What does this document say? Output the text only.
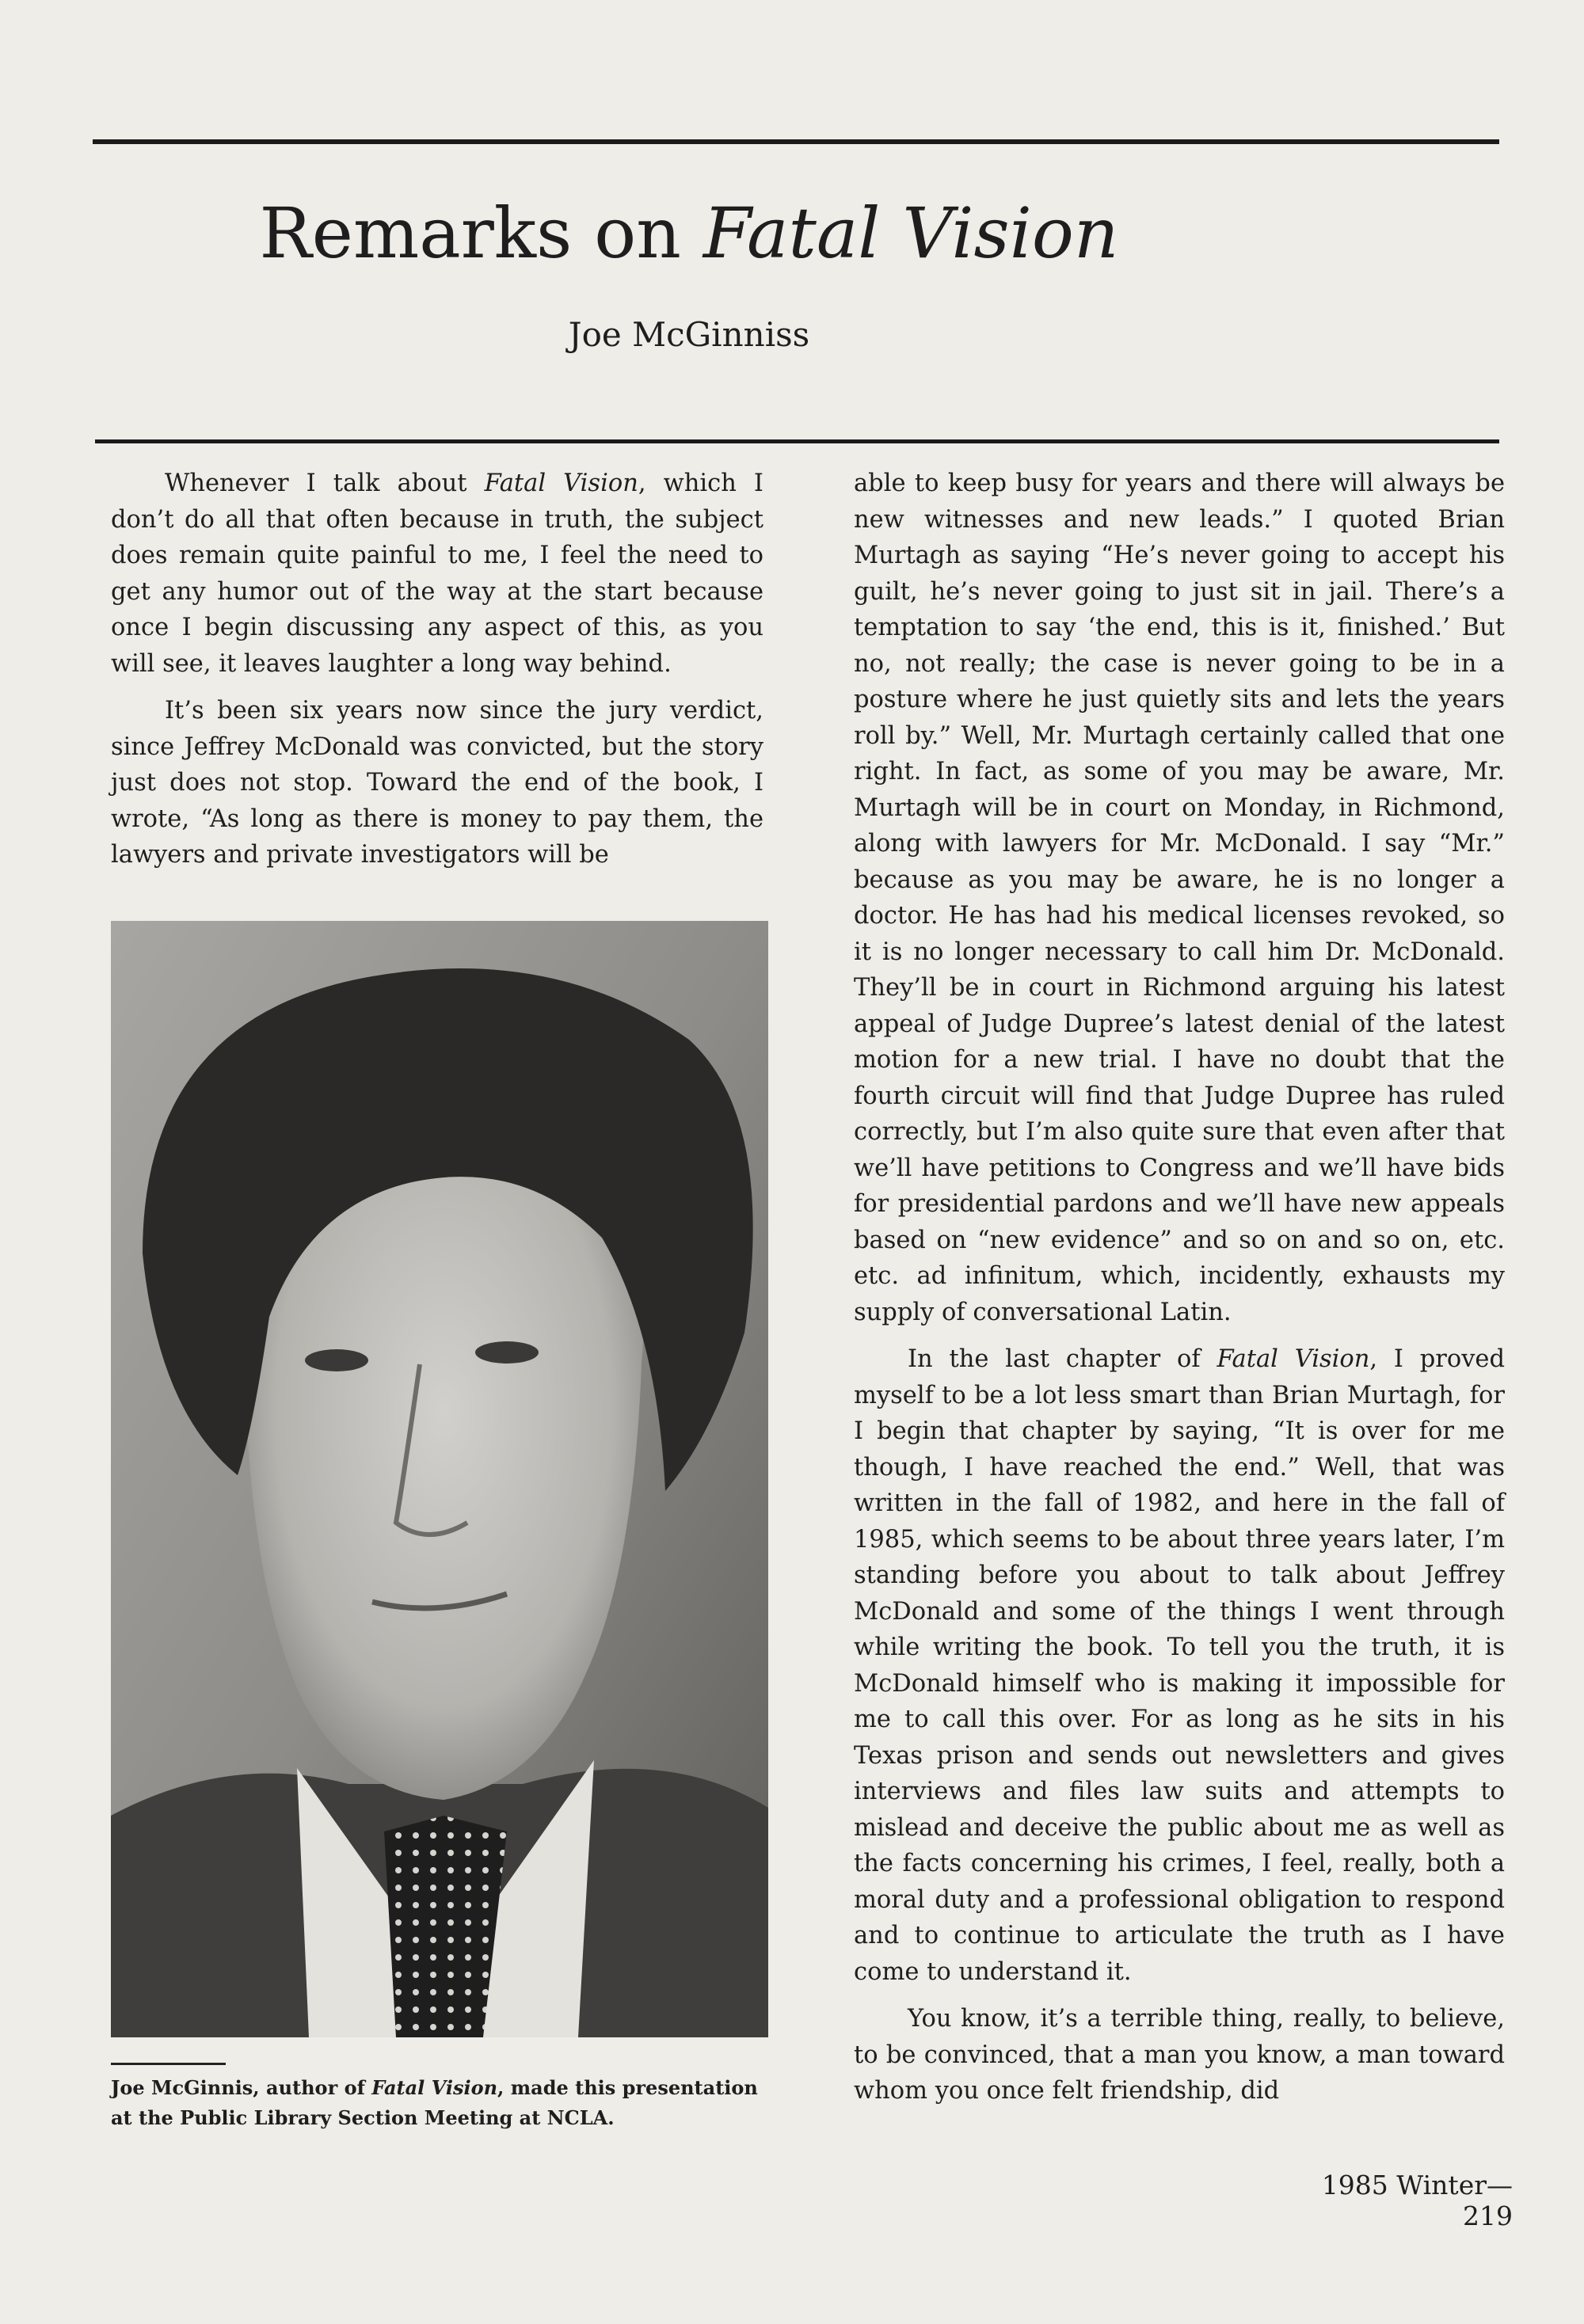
Remarks on Fatal Vision
Joe McGinniss

Whenever I talk about Fatal Vision, which I don’t do all that often because in truth, the subject does remain quite painful to me, I feel the need to get any humor out of the way at the start because once I begin discussing any aspect of this, as you will see, it leaves laughter a long way behind.

It’s been six years now since the jury verdict, since Jeffrey McDonald was convicted, but the story just does not stop. Toward the end of the book, I wrote, “As long as there is money to pay them, the lawyers and private investigators will be

Joe McGinnis, author of Fatal Vision, made this presentation at the Public Library Section Meeting at NCLA.

able to keep busy for years and there will always be new witnesses and new leads.” I quoted Brian Murtagh as saying “He’s never going to accept his guilt, he’s never going to just sit in jail. There’s a temptation to say ‘the end, this is it, finished.’ But no, not really; the case is never going to be in a posture where he just quietly sits and lets the years roll by.” Well, Mr. Murtagh certainly called that one right. In fact, as some of you may be aware, Mr. Murtagh will be in court on Monday, in Richmond, along with lawyers for Mr. McDonald. I say “Mr.” because as you may be aware, he is no longer a doctor. He has had his medical licenses revoked, so it is no longer necessary to call him Dr. McDonald. They’ll be in court in Richmond arguing his latest appeal of Judge Dupree’s latest denial of the latest motion for a new trial. I have no doubt that the fourth circuit will find that Judge Dupree has ruled correctly, but I’m also quite sure that even after that we’ll have petitions to Congress and we’ll have bids for presidential pardons and we’ll have new appeals based on “new evidence” and so on and so on, etc. etc. ad infinitum, which, incidently, exhausts my supply of conversational Latin.

In the last chapter of Fatal Vision, I proved myself to be a lot less smart than Brian Murtagh, for I begin that chapter by saying, “It is over for me though, I have reached the end.” Well, that was written in the fall of 1982, and here in the fall of 1985, which seems to be about three years later, I’m standing before you about to talk about Jeffrey McDonald and some of the things I went through while writing the book. To tell you the truth, it is McDonald himself who is making it impossible for me to call this over. For as long as he sits in his Texas prison and sends out newsletters and gives interviews and files law suits and attempts to mislead and deceive the public about me as well as the facts concerning his crimes, I feel, really, both a moral duty and a professional obligation to respond and to continue to articulate the truth as I have come to understand it.

You know, it’s a terrible thing, really, to believe, to be convinced, that a man you know, a man toward whom you once felt friendship, did

1985 Winter—219
